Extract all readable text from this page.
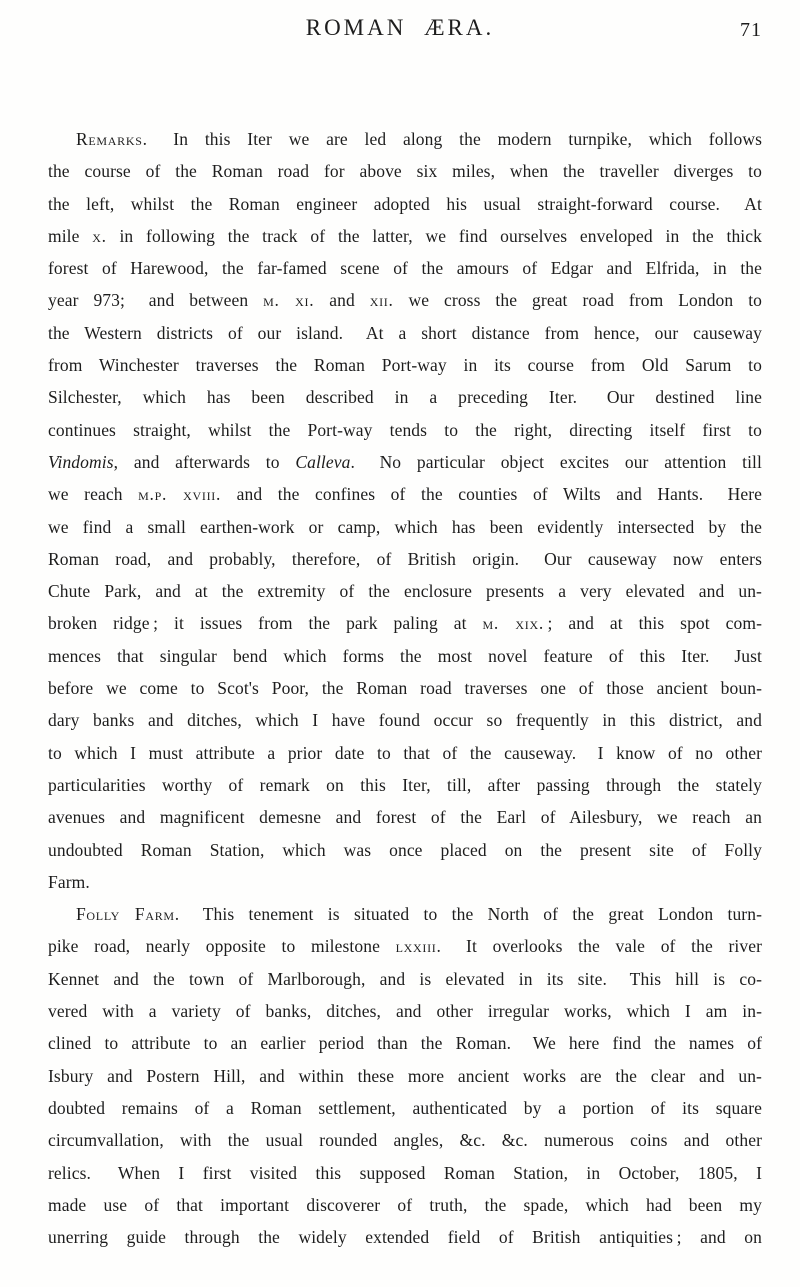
ROMAN ÆRA.	71
Remarks.  In this Iter we are led along the modern turnpike, which follows
the course of the Roman road for above six miles, when the traveller diverges to
the left, whilst the Roman engineer adopted his usual straight-forward course.  At
mile x. in following the track of the latter, we find ourselves enveloped in the thick
forest of Harewood, the far-famed scene of the amours of Edgar and Elfrida, in the
year 973;  and between m. xi. and xii. we cross the great road from London to
the Western districts of our island.  At a short distance from hence, our causeway
from Winchester traverses the Roman Port-way in its course from Old Sarum to
Silchester, which has been described in a preceding Iter.  Our destined line
continues straight, whilst the Port-way tends to the right, directing itself first to
Vindomis, and afterwards to Calleva.  No particular object excites our attention till
we reach m.p. xviii. and the confines of the counties of Wilts and Hants.  Here
we find a small earthen-work or camp, which has been evidently intersected by the
Roman road, and probably, therefore, of British origin.  Our causeway now enters
Chute Park, and at the extremity of the enclosure presents a very elevated and un-
broken ridge ; it issues from the park paling at m. xix. ; and at this spot com-
mences that singular bend which forms the most novel feature of this Iter.  Just
before we come to Scot's Poor, the Roman road traverses one of those ancient boun-
dary banks and ditches, which I have found occur so frequently in this district, and
to which I must attribute a prior date to that of the causeway.  I know of no other
particularities worthy of remark on this Iter, till, after passing through the stately
avenues and magnificent demesne and forest of the Earl of Ailesbury, we reach an
undoubted Roman Station, which was once placed on the present site of Folly
Farm.
Folly Farm.  This tenement is situated to the North of the great London turn-
pike road, nearly opposite to milestone lxxiii.  It overlooks the vale of the river
Kennet and the town of Marlborough, and is elevated in its site.  This hill is co-
vered with a variety of banks, ditches, and other irregular works, which I am in-
clined to attribute to an earlier period than the Roman.  We here find the names of
Isbury and Postern Hill, and within these more ancient works are the clear and un-
doubted remains of a Roman settlement, authenticated by a portion of its square
circumvallation, with the usual rounded angles, &c. &c. numerous coins and other
relics.  When I first visited this supposed Roman Station, in October, 1805, I
made use of that important discoverer of truth, the spade, which had been my
unerring guide through the widely extended field of British antiquities ; and on
